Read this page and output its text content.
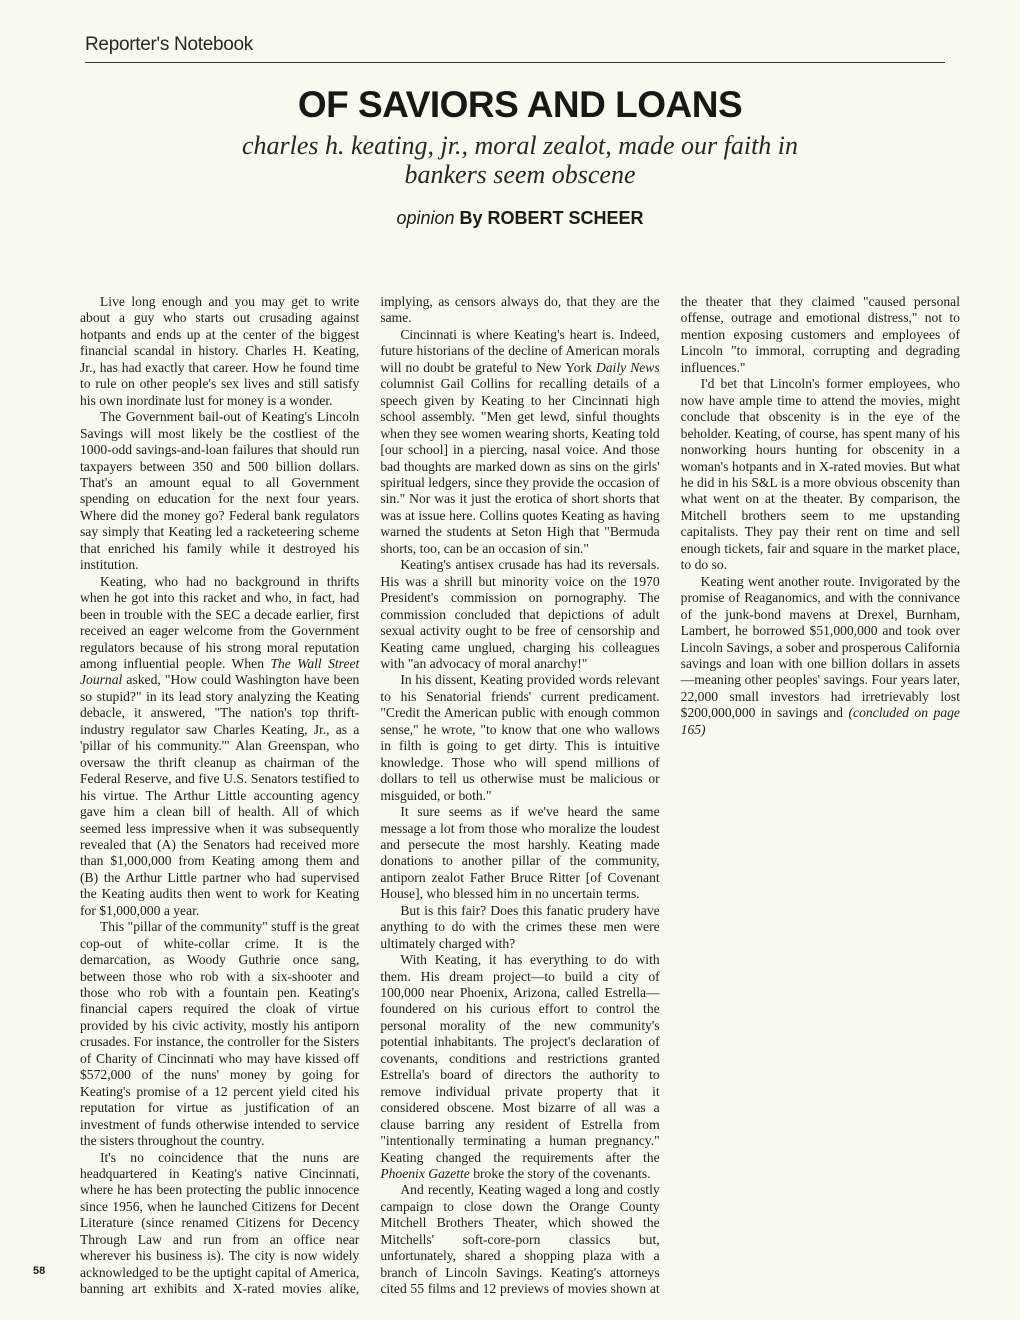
Reporter's Notebook
OF SAVIORS AND LOANS

charles h. keating, jr., moral zealot, made our faith in bankers seem obscene

opinion By ROBERT SCHEER

Live long enough and you may get to write about a guy who starts out crusading against hotpants and ends up at the center of the biggest financial scandal in history. Charles H. Keating, Jr., has had exactly that career. How he found time to rule on other people's sex lives and still satisfy his own inordinate lust for money is a wonder.

The Government bail-out of Keating's Lincoln Savings will most likely be the costliest of the 1000-odd savings-and-loan failures that should run taxpayers between 350 and 500 billion dollars. That's an amount equal to all Government spending on education for the next four years. Where did the money go? Federal bank regulators say simply that Keating led a racketeering scheme that enriched his family while it destroyed his institution.

Keating, who had no background in thrifts when he got into this racket and who, in fact, had been in trouble with the SEC a decade earlier, first received an eager welcome from the Government regulators because of his strong moral reputation among influential people. When The Wall Street Journal asked, "How could Washington have been so stupid?" in its lead story analyzing the Keating debacle, it answered, "The nation's top thrift-industry regulator saw Charles Keating, Jr., as a 'pillar of his community.'" Alan Greenspan, who oversaw the thrift cleanup as chairman of the Federal Reserve, and five U.S. Senators testified to his virtue. The Arthur Little accounting agency gave him a clean bill of health. All of which seemed less impressive when it was subsequently revealed that (A) the Senators had received more than $1,000,000 from Keating among them and (B) the Arthur Little partner who had supervised the Keating audits then went to work for Keating for $1,000,000 a year.

This "pillar of the community" stuff is the great cop-out of white-collar crime. It is the demarcation, as Woody Guthrie once sang, between those who rob with a six-shooter and those who rob with a fountain pen. Keating's financial capers required the cloak of virtue provided by his civic activity, mostly his antiporn crusades. For instance, the controller for the Sisters of Charity of Cincinnati who may have kissed off $572,000 of the nuns' money by going for Keating's promise of a 12 percent yield cited his reputation for virtue as justification of an investment of funds otherwise intended to service the sisters throughout the country.

It's no coincidence that the nuns are headquartered in Keating's native Cincinnati, where he has been protecting the public innocence since 1956, when he launched Citizens for Decent Literature (since renamed Citizens for Decency Through Law and run from an office near wherever his business is). The city is now widely acknowledged to be the uptight capital of America, banning art exhibits and X-rated movies alike, implying, as censors always do, that they are the same.

Cincinnati is where Keating's heart is. Indeed, future historians of the decline of American morals will no doubt be grateful to New York Daily News columnist Gail Collins for recalling details of a speech given by Keating to her Cincinnati high school assembly. "Men get lewd, sinful thoughts when they see women wearing shorts, Keating told [our school] in a piercing, nasal voice. And those bad thoughts are marked down as sins on the girls' spiritual ledgers, since they provide the occasion of sin." Nor was it just the erotica of short shorts that was at issue here. Collins quotes Keating as having warned the students at Seton High that "Bermuda shorts, too, can be an occasion of sin."

Keating's antisex crusade has had its reversals. His was a shrill but minority voice on the 1970 President's commission on pornography. The commission concluded that depictions of adult sexual activity ought to be free of censorship and Keating came unglued, charging his colleagues with "an advocacy of moral anarchy!"

In his dissent, Keating provided words relevant to his Senatorial friends' current predicament. "Credit the American public with enough common sense," he wrote, "to know that one who wallows in filth is going to get dirty. This is intuitive knowledge. Those who will spend millions of dollars to tell us otherwise must be malicious or misguided, or both."

It sure seems as if we've heard the same message a lot from those who moralize the loudest and persecute the most harshly. Keating made donations to another pillar of the community, antiporn zealot Father Bruce Ritter [of Covenant House], who blessed him in no uncertain terms.

But is this fair? Does this fanatic prudery have anything to do with the crimes these men were ultimately charged with?

With Keating, it has everything to do with them. His dream project—to build a city of 100,000 near Phoenix, Arizona, called Estrella—foundered on his curious effort to control the personal morality of the new community's potential inhabitants. The project's declaration of covenants, conditions and restrictions granted Estrella's board of directors the authority to remove individual private property that it considered obscene. Most bizarre of all was a clause barring any resident of Estrella from "intentionally terminating a human pregnancy." Keating changed the requirements after the Phoenix Gazette broke the story of the covenants.

And recently, Keating waged a long and costly campaign to close down the Orange County Mitchell Brothers Theater, which showed the Mitchells' soft-core-porn classics but, unfortunately, shared a shopping plaza with a branch of Lincoln Savings. Keating's attorneys cited 55 films and 12 previews of movies shown at the theater that they claimed "caused personal offense, outrage and emotional distress," not to mention exposing customers and employees of Lincoln "to immoral, corrupting and degrading influences."

I'd bet that Lincoln's former employees, who now have ample time to attend the movies, might conclude that obscenity is in the eye of the beholder. Keating, of course, has spent many of his nonworking hours hunting for obscenity in a woman's hotpants and in X-rated movies. But what he did in his S&L is a more obvious obscenity than what went on at the theater. By comparison, the Mitchell brothers seem to me upstanding capitalists. They pay their rent on time and sell enough tickets, fair and square in the market place, to do so.

Keating went another route. Invigorated by the promise of Reaganomics, and with the connivance of the junk-bond mavens at Drexel, Burnham, Lambert, he borrowed $51,000,000 and took over Lincoln Savings, a sober and prosperous California savings and loan with one billion dollars in assets—meaning other peoples' savings. Four years later, 22,000 small investors had irretrievably lost $200,000,000 in savings and (concluded on page 165)

58
